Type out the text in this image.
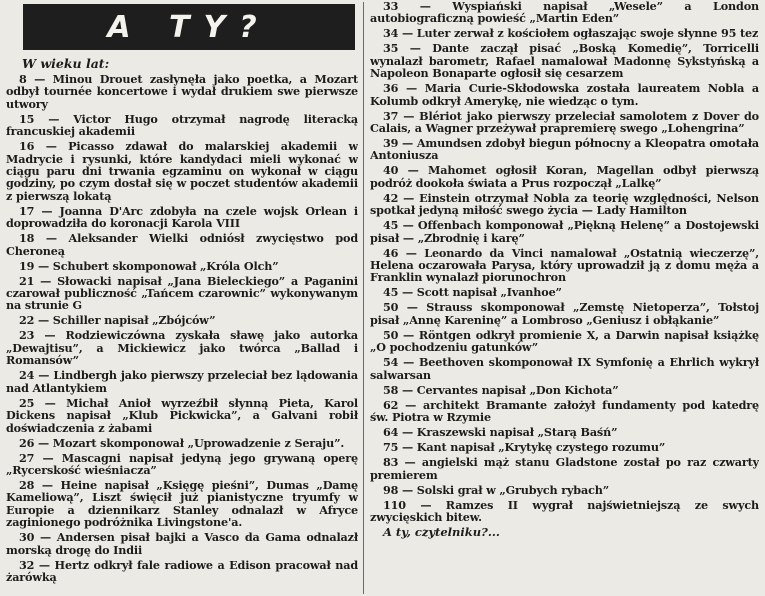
A TY?
W wieku lat:

8 — Minou Drouet zasłynęła jako poetka, a Mozart odbył tournée koncertowe i wydał drukiem swe pierwsze utwory

15 — Victor Hugo otrzymał nagrodę literacką francuskiej akademii

16 — Picasso zdawał do malarskiej akademii w Madrycie i rysunki, które kandydaci mieli wykonać w ciągu paru dni trwania egzaminu on wykonał w ciągu godziny, po czym dostał się w poczet studentów akademii z pierwszą lokatą

17 — Joanna D'Arc zdobyła na czele wojsk Orlean i doprowadziła do koronacji Karola VIII

18 — Aleksander Wielki odniósł zwycięstwo pod Cheroneą

19 — Schubert skomponował „Króla Olch”

21 — Słowacki napisał „Jana Bieleckiego” a Paganini czarował publiczność „Tańcem czarownic” wykonywanym na strunie G

22 — Schiller napisał „Zbójców”

23 — Rodziewiczówna zyskała sławę jako autorka „Dewajtisu”, a Mickiewicz jako twórca „Ballad i Romansów”

24 — Lindbergh jako pierwszy przeleciał bez lądowania nad Atlantykiem

25 — Michał Anioł wyrzeźbił słynną Pieta, Karol Dickens napisał „Klub Pickwicka”, a Galvani robił doświadczenia z żabami

26 — Mozart skomponował „Uprowadzenie z Seraju”.

27 — Mascagni napisał jedyną jego grywaną operę „Rycerskość wieśniacza”

28 — Heine napisał „Księgę pieśni”, Dumas „Damę Kameliową”, Liszt święcił już pianistyczne tryumfy w Europie a dziennikarz Stanley odnalazł w Afryce zaginionego podróżnika Livingstone'a.

30 — Andersen pisał bajki a Vasco da Gama odnalazł morską drogę do Indii

32 — Hertz odkrył fale radiowe a Edison pracował nad żarówką

33 — Wyspiański napisał „Wesele” a London autobiograficzną powieść „Martin Eden”

34 — Luter zerwał z kościołem ogłaszając swoje słynne 95 tez

35 — Dante zaczął pisać „Boską Komedię”, Torricelli wynalazł barometr, Rafael namalował Madonnę Sykstyńską a Napoleon Bonaparte ogłosił się cesarzem

36 — Maria Curie-Skłodowska została laureatem Nobla a Kolumb odkrył Amerykę, nie wiedząc o tym.

37 — Blériot jako pierwszy przeleciał samolotem z Dover do Calais, a Wagner przeżywał prapremierę swego „Lohengrina”

39 — Amundsen zdobył biegun północny a Kleopatra omotała Antoniusza

40 — Mahomet ogłosił Koran, Magellan odbył pierwszą podróż dookoła świata a Prus rozpoczął „Lalkę”

42 — Einstein otrzymał Nobla za teorię względności, Nelson spotkał jedyną miłość swego życia — Lady Hamilton

45 — Offenbach komponował „Piękną Helenę” a Dostojewski pisał — „Zbrodnię i karę”

46 — Leonardo da Vinci namalował „Ostatnią wieczerzę”, Helena oczarowała Parysa, który uprowadził ją z domu męża a Franklin wynalazł piorunochron

45 — Scott napisał „Ivanhoe”

50 — Strauss skomponował „Zemstę Nietoperza”, Tołstoj pisał „Annę Kareninę” a Lombroso „Geniusz i obłąkanie”

50 — Röntgen odkrył promienie X, a Darwin napisał książkę „O pochodzeniu gatunków”

54 — Beethoven skomponował IX Symfonię a Ehrlich wykrył salwarsan

58 — Cervantes napisał „Don Kichota”

62 — architekt Bramante założył fundamenty pod katedrę św. Piotra w Rzymie

64 — Kraszewski napisał „Starą Baśń”

75 — Kant napisał „Krytykę czystego rozumu”

83 — angielski mąż stanu Gladstone został po raz czwarty premierem

98 — Solski grał w „Grubych rybach”

110 — Ramzes II wygrał najświetniejszą ze swych zwycięskich bitew.

A ty, czytelniku?...
